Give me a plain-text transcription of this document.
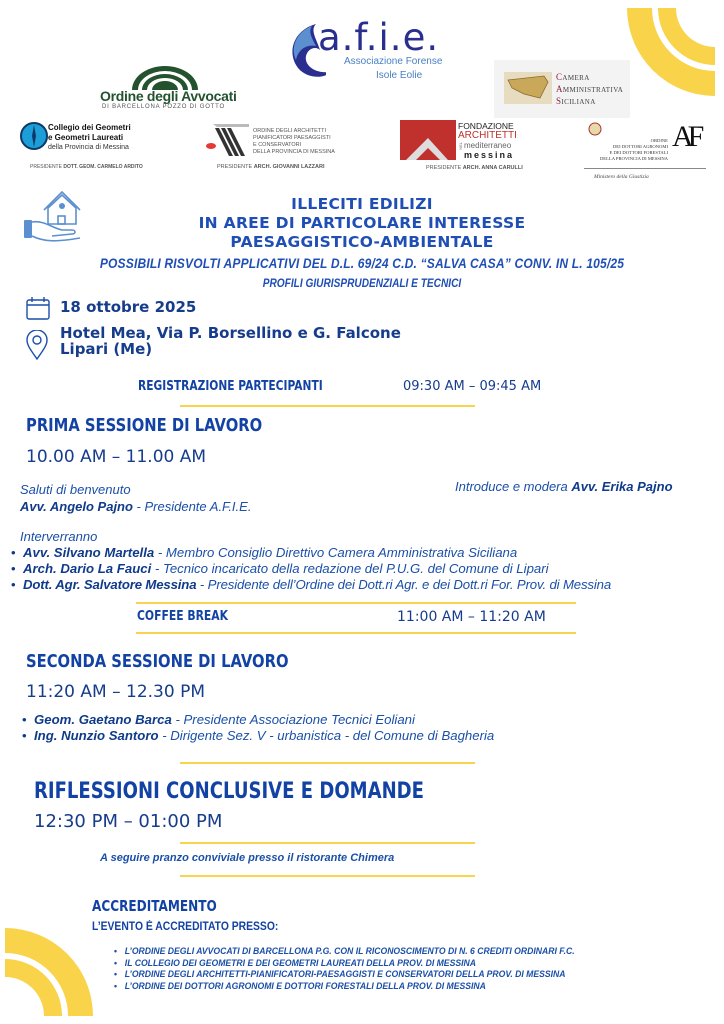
a.f.i.e.
Associazione Forense
Isole Eolie
Ordine degli Avvocati
DI BARCELLONA POZZO DI GOTTO
CAMERA
AMMINISTRATIVA
SICILIANA
Collegio dei Geometri
e Geometri Laureati
della Provincia di Messina
PRESIDENTE DOTT. GEOM. CARMELO ARDITO
ORDINE DEGLI ARCHITETTI
PIANIFICATORI PAESAGGISTI
E CONSERVATORI
DELLA PROVINCIA DI MESSINA
PRESIDENTE ARCH. GIOVANNI LAZZARI
FONDAZIONE
ARCHITETTI
mediterraneo
messina
NEL
PRESIDENTE ARCH. ANNA CARULLI
ORDINE
DEI DOTTORI AGRONOMI
E DEI DOTTORI FORESTALI
DELLA PROVINCIA DI MESSINA
AF
Ministero della Giustizia
ILLECITI EDILIZI
IN AREE DI PARTICOLARE INTERESSE
PAESAGGISTICO-AMBIENTALE
POSSIBILI RISVOLTI APPLICATIVI DEL D.L. 69/24 C.D. “SALVA CASA” CONV. IN L. 105/25
PROFILI GIURISPRUDENZIALI E TECNICI
18 ottobre 2025
Hotel Mea, Via P. Borsellino e G. Falcone
Lipari (Me)
REGISTRAZIONE PARTECIPANTI	09:30 AM – 09:45 AM
PRIMA SESSIONE DI LAVORO
10.00 AM – 11.00 AM
Saluti di benvenuto
Avv. Angelo Pajno - Presidente A.F.I.E.
Introduce e modera Avv. Erika Pajno
Interverranno
• Avv. Silvano Martella - Membro Consiglio Direttivo Camera Amministrativa Siciliana
• Arch. Dario La Fauci - Tecnico incaricato della redazione del P.U.G. del Comune di Lipari
• Dott. Agr. Salvatore Messina - Presidente dell’Ordine dei Dott.ri Agr. e dei Dott.ri For. Prov. di Messina
COFFEE BREAK	11:00 AM – 11:20 AM
SECONDA SESSIONE DI LAVORO
11:20 AM – 12.30 PM
• Geom. Gaetano Barca - Presidente Associazione Tecnici Eoliani
• Ing. Nunzio Santoro - Dirigente Sez. V - urbanistica - del Comune di Bagheria
RIFLESSIONI CONCLUSIVE E DOMANDE
12:30 PM – 01:00 PM
A seguire pranzo conviviale presso il ristorante Chimera
ACCREDITAMENTO
L’EVENTO È ACCREDITATO PRESSO:
• L’ORDINE DEGLI AVVOCATI DI BARCELLONA P.G. CON IL RICONOSCIMENTO DI N. 6 CREDITI ORDINARI F.C.
• IL COLLEGIO DEI GEOMETRI E DEI GEOMETRI LAUREATI DELLA PROV. DI MESSINA
• L’ORDINE DEGLI ARCHITETTI-PIANIFICATORI-PAESAGGISTI E CONSERVATORI DELLA PROV. DI MESSINA
• L’ORDINE DEI DOTTORI AGRONOMI E DOTTORI FORESTALI DELLA PROV. DI MESSINA
